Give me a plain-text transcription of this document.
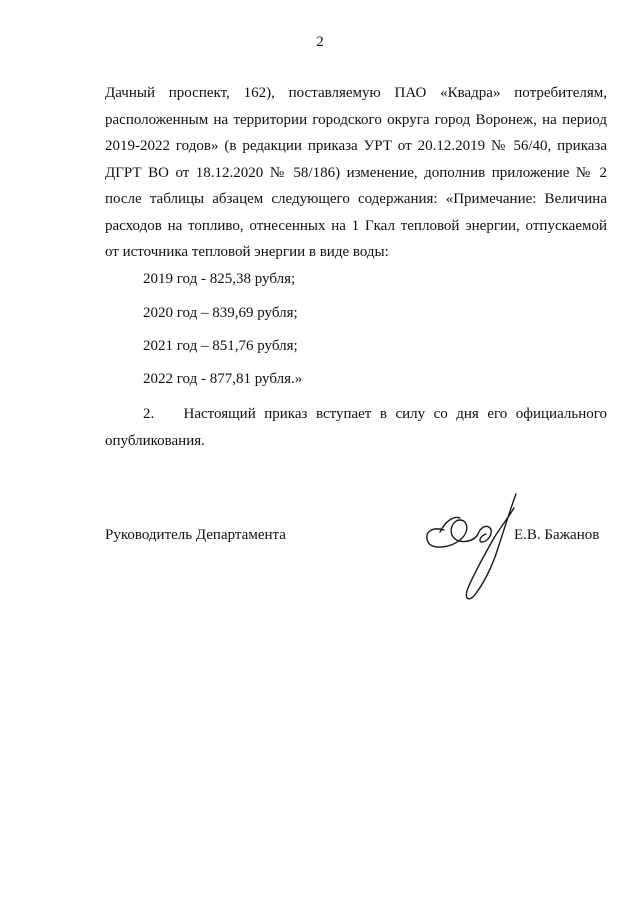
2
Дачный проспект, 162), поставляемую ПАО «Квадра» потребителям,
расположенным на территории городского округа город Воронеж, на период
2019-2022 годов» (в редакции приказа УРТ от 20.12.2019 № 56/40, приказа
ДГРТ ВО от 18.12.2020 № 58/186) изменение, дополнив приложение № 2
после таблицы абзацем следующего содержания: «Примечание: Величина
расходов на топливо, отнесенных на 1 Гкал тепловой энергии, отпускаемой
от источника тепловой энергии в виде воды:
2019 год - 825,38 рубля;
2020 год – 839,69 рубля;
2021 год – 851,76 рубля;
2022 год - 877,81 рубля.»
2. Настоящий приказ вступает в силу со дня его официального
опубликования.
Руководитель Департамента	Е.В. Бажанов
